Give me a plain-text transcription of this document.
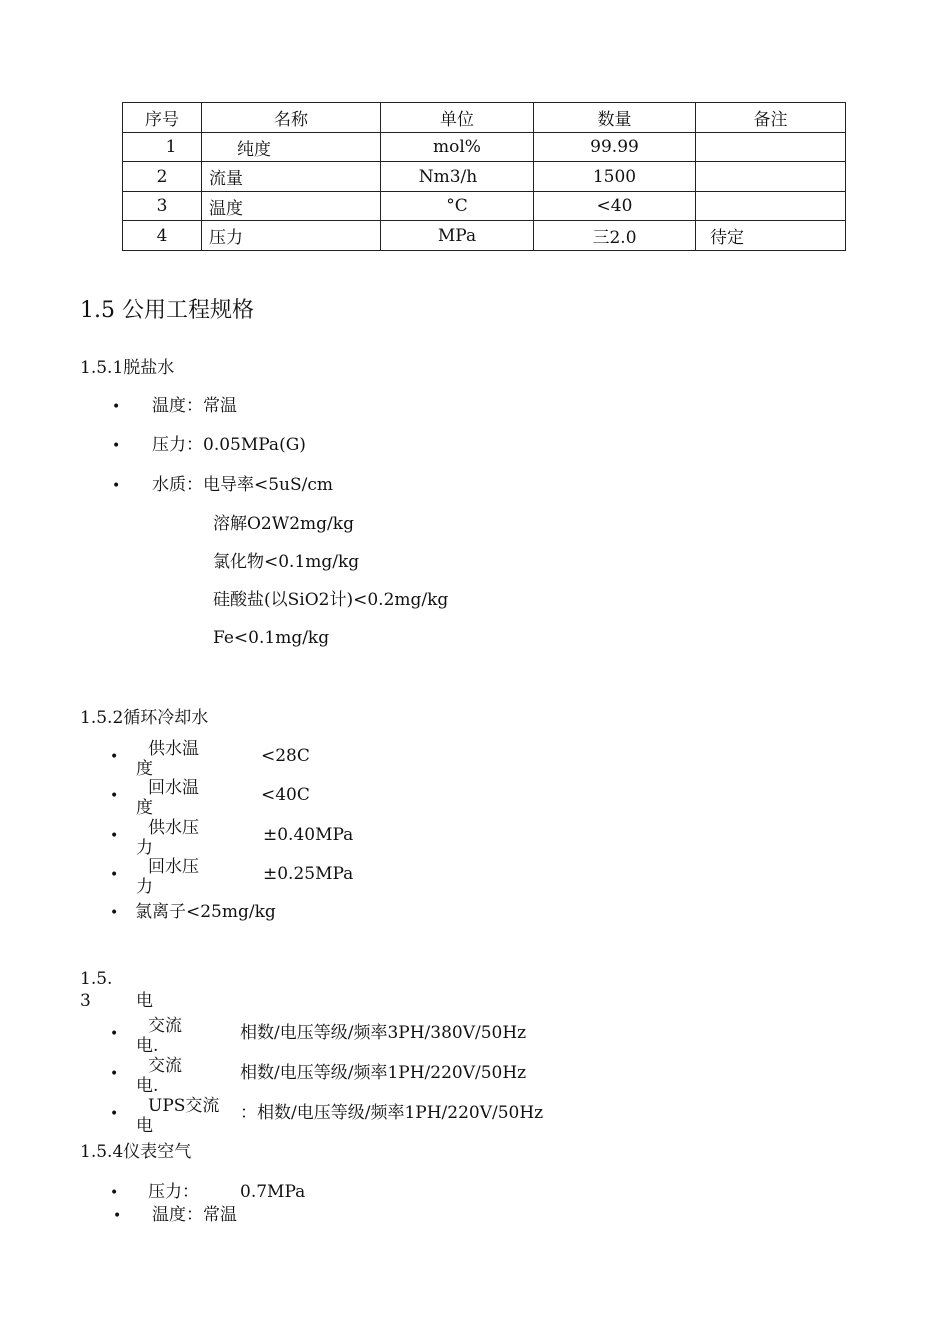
序号	名称	单位	数量	备注
1	纯度	mol%	99.99	
2	流量	Nm3/h	1500	
3	温度	°C	<40	
4	压力	MPa	三2.0	待定
1.5 公用工程规格
1.5.1脱盐水
• 温度：常温
• 压力：0.05MPa(G)
• 水质：电导率<5uS/cm
溶解O2W2mg/kg
氯化物<0.1mg/kg
硅酸盐(以SiO2计)<0.2mg/kg
Fe<0.1mg/kg
1.5.2循环冷却水
•	供水温度
<28C
•	回水温度
<40C
•	供水压力
±0.40MPa
•	回水压力
±0.25MPa
• 氯离子<25mg/kg
1.5.
3	电
•	交流电.
相数/电压等级/频率3PH/380V/50Hz
•	交流电.
相数/电压等级/频率1PH/220V/50Hz
•	UPS交流电
：相数/电压等级/频率1PH/220V/50Hz
1.5.4仪表空气
• 压力： 0.7MPa
• 温度：常温
